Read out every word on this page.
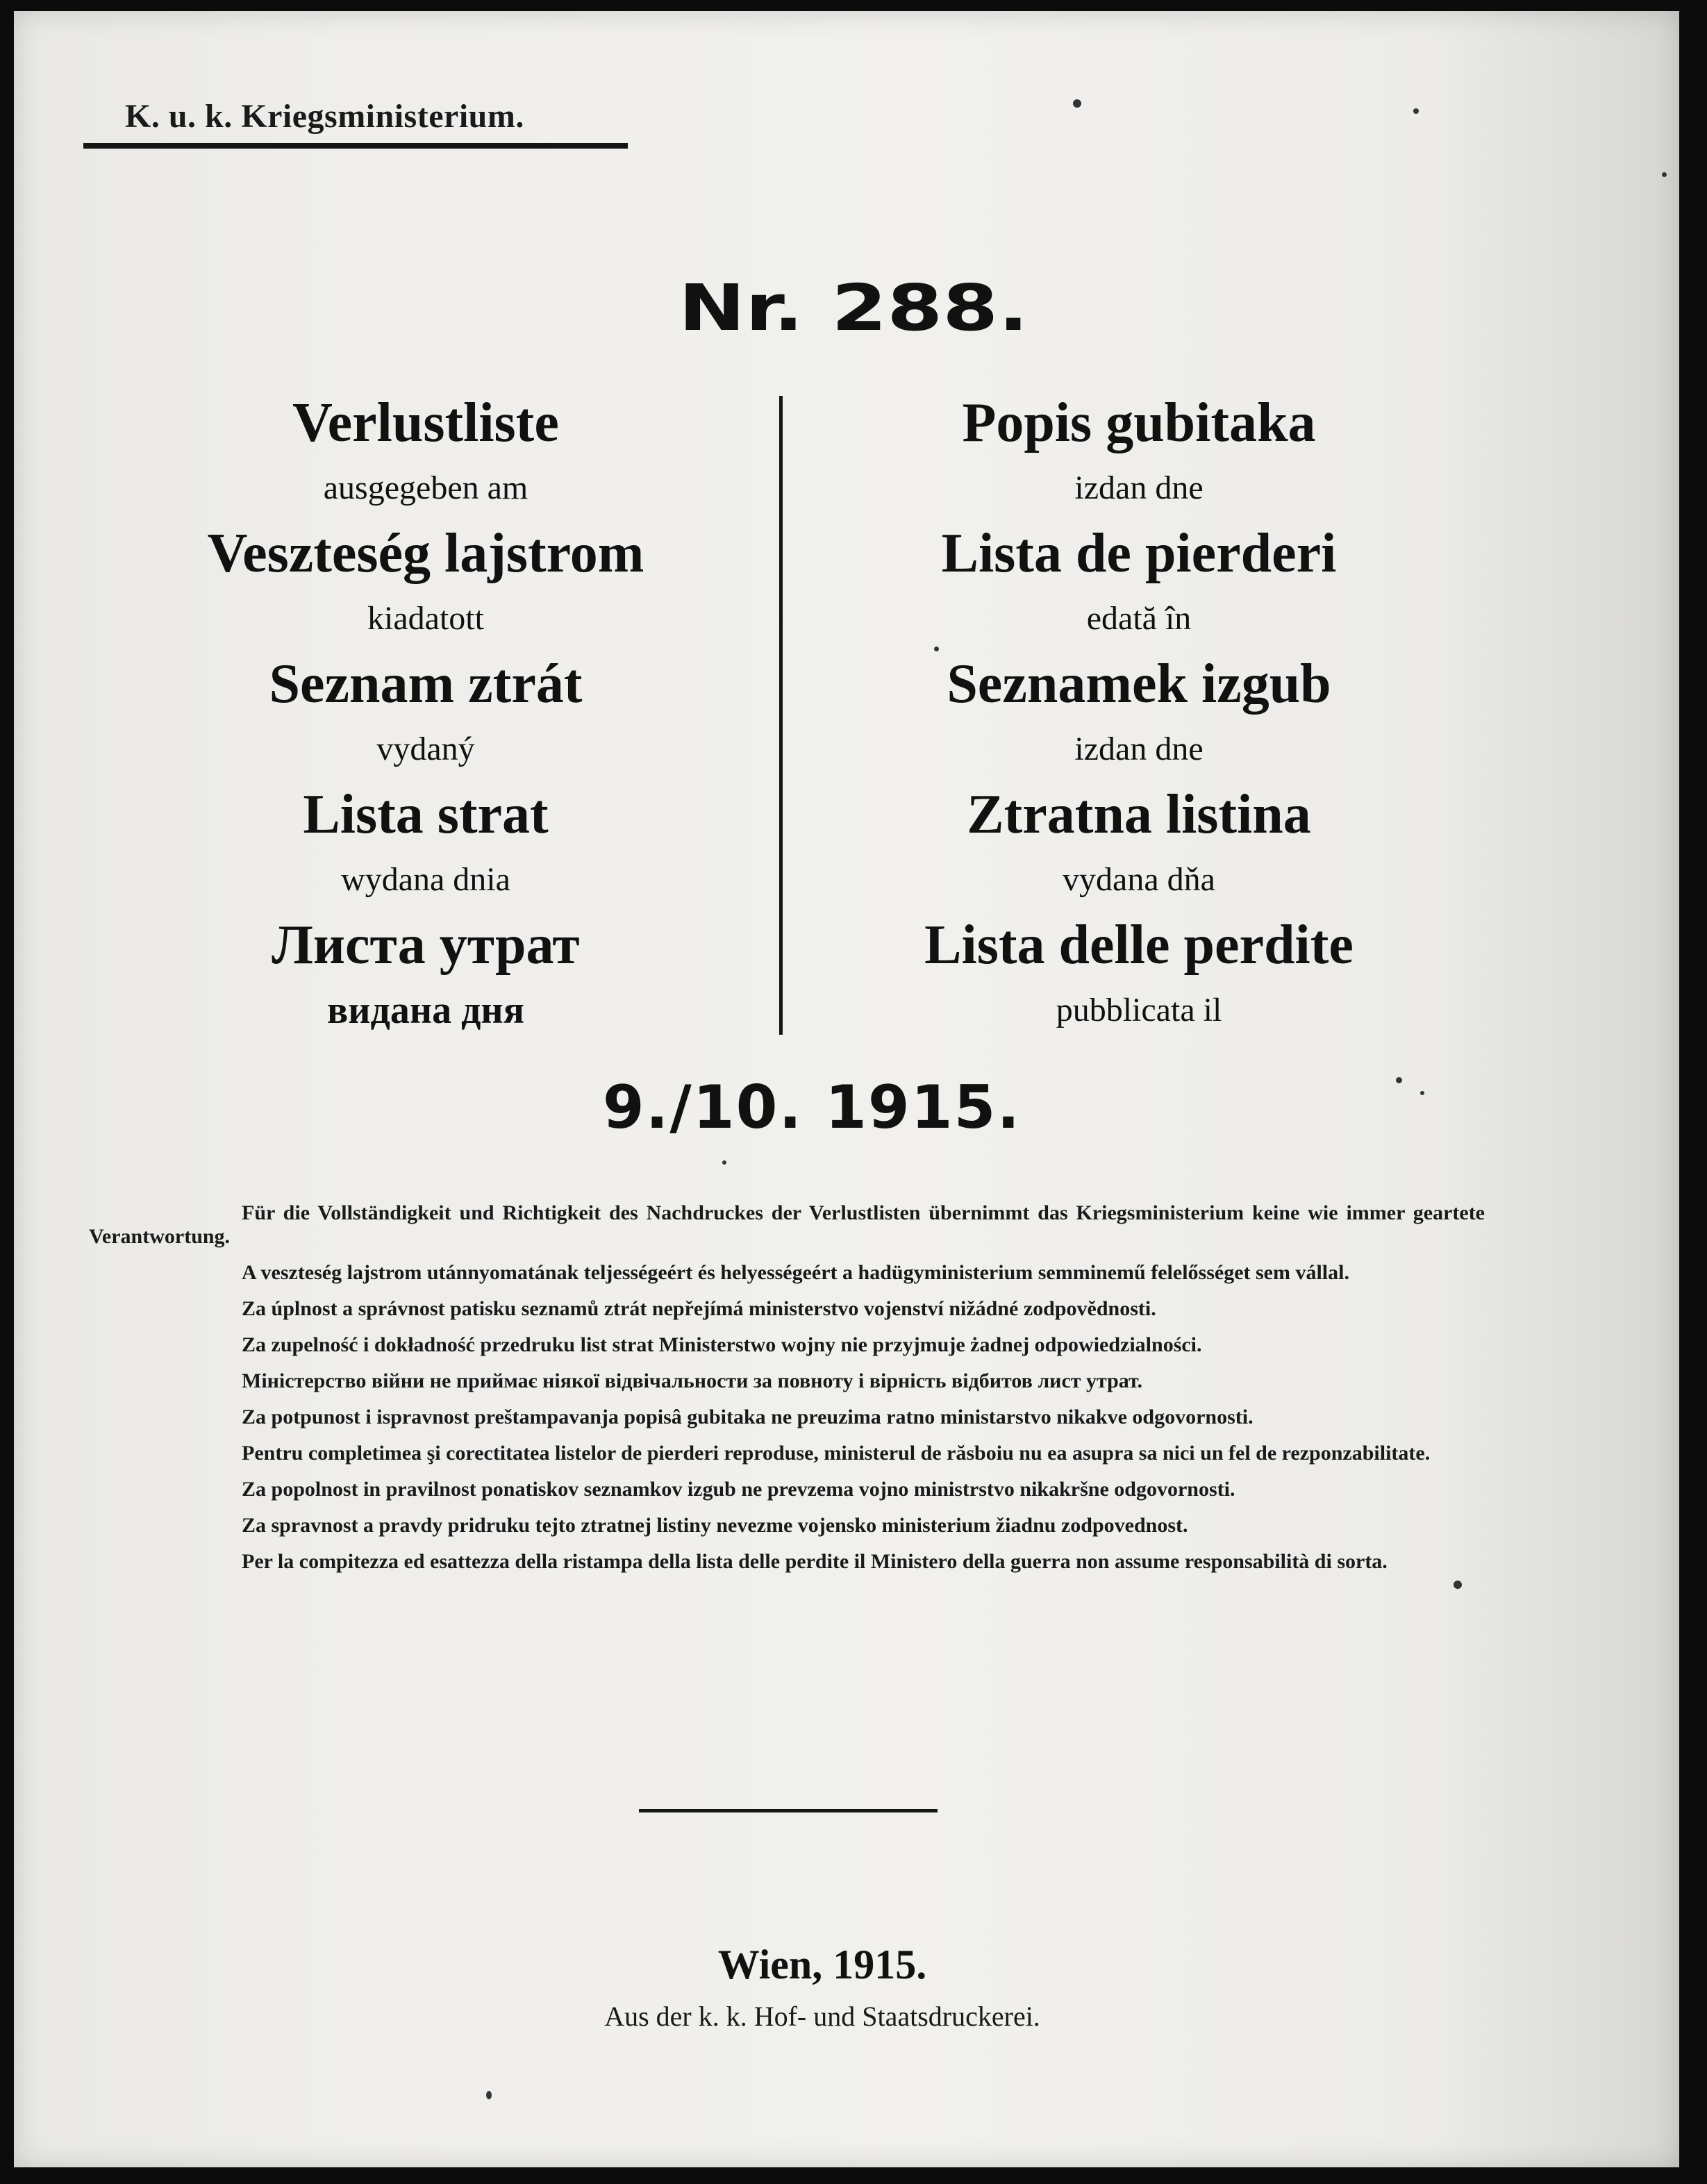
K. u. k. Kriegsministerium.
Nr. 288.
Verlustliste
ausgegeben am
Veszteség lajstrom
kiadatott
Seznam ztrát
vydaný
Lista strat
wydana dnia
Листа утрат
видана дня
Popis gubitaka
izdan dne
Lista de pierderi
edată în
Seznamek izgub
izdan dne
Ztratna listina
vydana dňa
Lista delle perdite
pubblicata il
9./10. 1915.

Für die Vollständigkeit und Richtigkeit des Nachdruckes der Verlustlisten übernimmt das Kriegsministerium keine wie immer geartete Verantwortung.

A veszteség lajstrom utánnyomatának teljességeért és helyességeért a hadügyministerium semminemű felelősséget sem vállal.

Za úplnost a správnost patisku seznamů ztrát nepřejímá ministerstvo vojenství nižádné zodpovědnosti.

Za zupelność i dokładność przedruku list strat Ministerstwo wojny nie przyjmuje żadnej odpowiedzialności.

Міністерство війни не приймає ніякої відвічальности за повноту і вірність відбитов лист утрат.

Za potpunost i ispravnost preštampavanja popisâ gubitaka ne preuzima ratno ministarstvo nikakve odgovornosti.

Pentru completimea şi corectitatea listelor de pierderi reproduse, ministerul de răsboiu nu ea asupra sa nici un fel de rezponzabilitate.

Za popolnost in pravilnost ponatiskov seznamkov izgub ne prevzema vojno ministrstvo nikakršne odgovornosti.

Za spravnost a pravdy pridruku tejto ztratnej listiny nevezme vojensko ministerium žiadnu zodpovednost.

Per la compitezza ed esattezza della ristampa della lista delle perdite il Ministero della guerra non assume responsabilità di sorta.

Wien, 1915.
Aus der k. k. Hof- und Staatsdruckerei.
